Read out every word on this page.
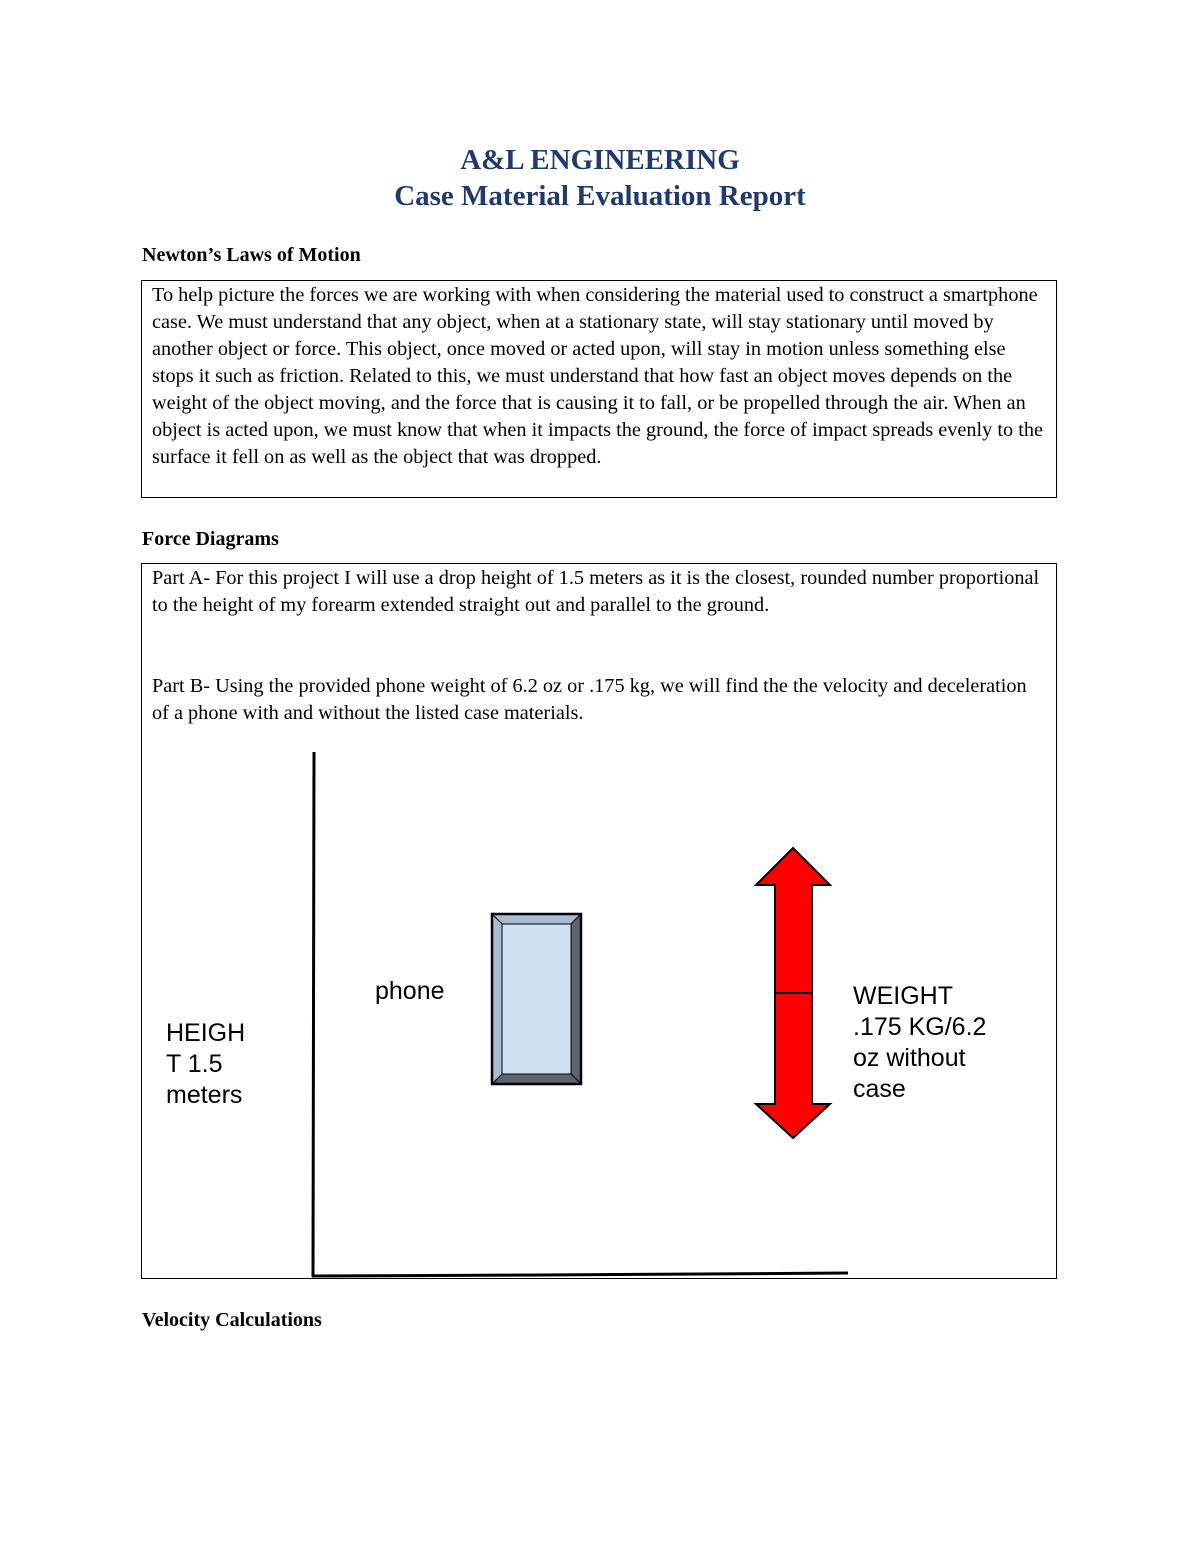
A&L ENGINEERING
Case Material Evaluation Report
Newton’s Laws of Motion

To help picture the forces we are working with when considering the material used to construct a smartphone case. We must understand that any object, when at a stationary state, will stay stationary until moved by another object or force. This object, once moved or acted upon, will stay in motion unless something else stops it such as friction. Related to this, we must understand that how fast an object moves depends on the weight of the object moving, and the force that is causing it to fall, or be propelled through the air. When an object is acted upon, we must know that when it impacts the ground, the force of impact spreads evenly to the surface it fell on as well as the object that was dropped.

Force Diagrams

Part A- For this project I will use a drop height of 1.5 meters as it is the closest, rounded number proportional to the height of my forearm extended straight out and parallel to the ground.

Part B- Using the provided phone weight of 6.2 oz or .175 kg, we will find the the velocity and deceleration of a phone with and without the listed case materials.

HEIGH
T 1.5
meters
phone	WEIGHT
.175 KG/6.2
oz without
case
Velocity Calculations
